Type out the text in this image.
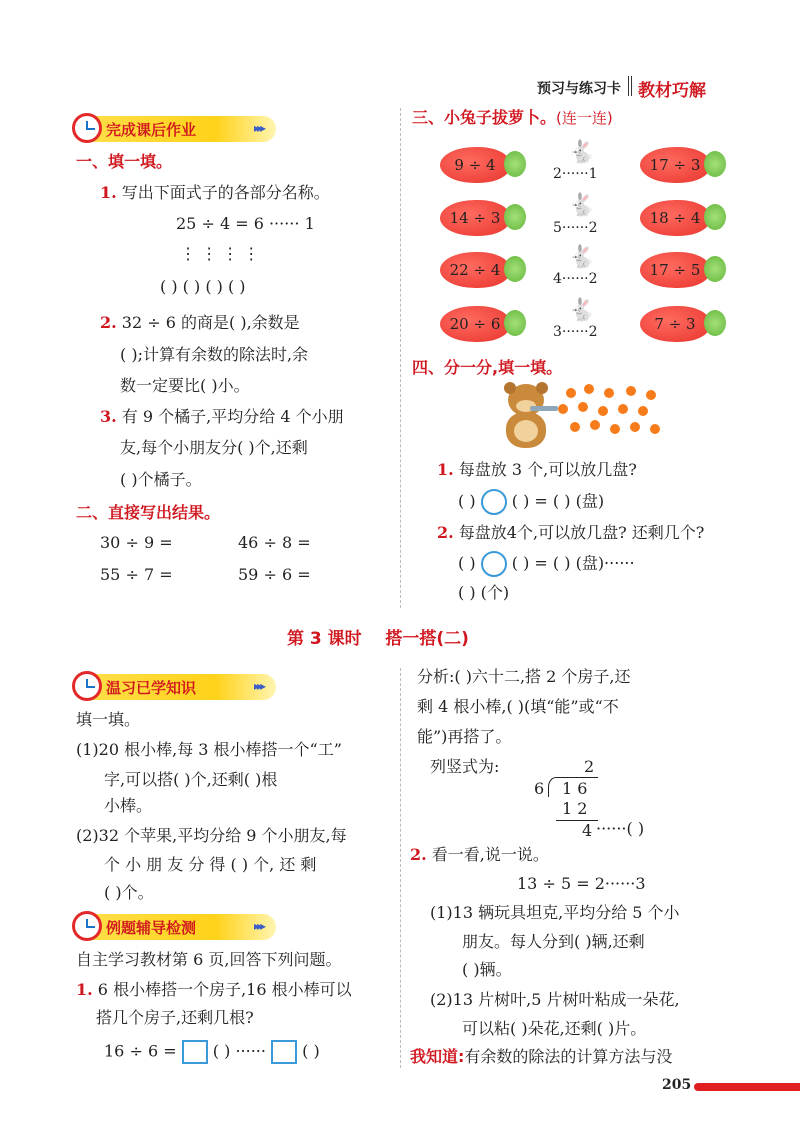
预习与练习卡 教材巧解
完成课后作业	▸▸▸
一、填一填。
1. 写出下面式子的各部分名称。
25 ÷ 4 = 6 ······ 1
⋮ ⋮ ⋮ ⋮
( ) ( ) ( ) ( )
2. 32 ÷ 6 的商是( ),余数是
( );计算有余数的除法时,余
数一定要比( )小。
3. 有 9 个橘子,平均分给 4 个小朋
友,每个小朋友分( )个,还剩
( )个橘子。
二、直接写出结果。
30 ÷ 9 =	46 ÷ 8 =
55 ÷ 7 =	59 ÷ 6 =
三、小兔子拔萝卜。(连一连)
9 ÷ 4
14 ÷ 3
22 ÷ 4
20 ÷ 6
🐇
2······1
🐇
5······2
🐇
4······2
🐇
3······2
17 ÷ 3
18 ÷ 4
17 ÷ 5
7 ÷ 3
四、分一分,填一填。
1. 每盘放 3 个,可以放几盘?
( ) ( ) = ( ) (盘)
2. 每盘放4个,可以放几盘? 还剩几个?
( ) ( ) = ( ) (盘)······
( ) (个)
第 3 课时    搭一搭(二)
温习已学知识	▸▸▸
填一填。
(1)20 根小棒,每 3 根小棒搭一个“工”
字,可以搭( )个,还剩( )根
小棒。
(2)32 个苹果,平均分给 9 个小朋友,每
个 小 朋 友 分 得 ( ) 个, 还 剩
( )个。
例题辅导检测	▸▸▸
自主学习教材第 6 页,回答下列问题。
1. 6 根小棒搭一个房子,16 根小棒可以
搭几个房子,还剩几根?
16 ÷ 6 = ( ) ······ ( )
分析:( )六十二,搭 2 个房子,还
剩 4 根小棒,( )(填“能”或“不
能”)再搭了。
列竖式为:	2
6 1 6
1 2
4 ······( )
2. 看一看,说一说。
13 ÷ 5 = 2······3
(1)13 辆玩具坦克,平均分给 5 个小
朋友。每人分到( )辆,还剩
( )辆。
(2)13 片树叶,5 片树叶粘成一朵花,
可以粘( )朵花,还剩( )片。
我知道:有余数的除法的计算方法与没
205
